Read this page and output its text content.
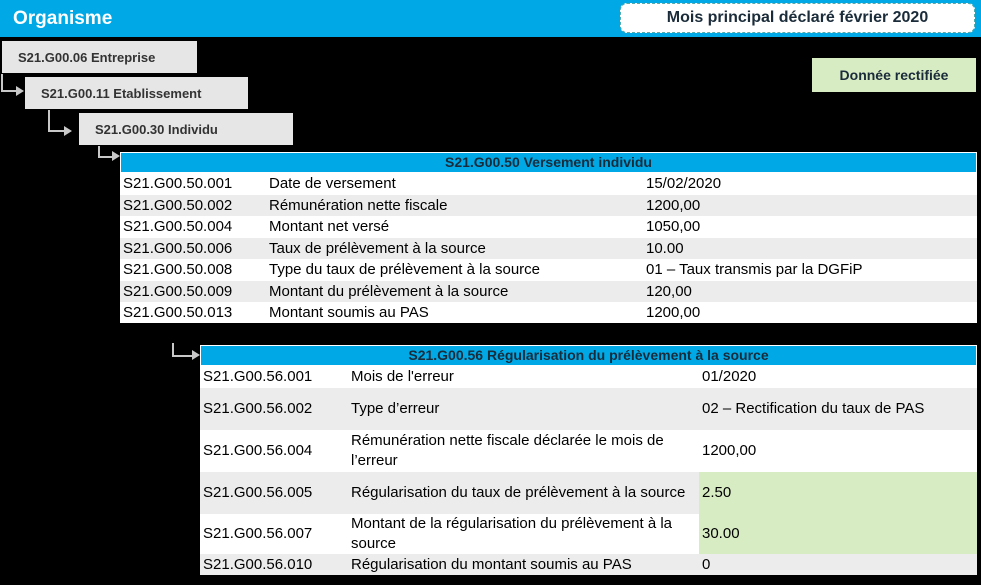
Organisme	Mois principal déclaré février 2020
S21.G00.06
Entreprise
S21.G00.11
Etablissement
S21.G00.30
Individu
Donnée rectifiée
S21.G00.50 Versement individu
S21.G00.50.001	Date de versement	15/02/2020
S21.G00.50.002	Rémunération nette fiscale	1200,00
S21.G00.50.004	Montant net versé	1050,00
S21.G00.50.006	Taux de prélèvement à la source	10.00
S21.G00.50.008	Type du taux de prélèvement à la source	01 – Taux transmis par la DGFiP
S21.G00.50.009	Montant du prélèvement à la source	120,00
S21.G00.50.013	Montant soumis au PAS	1200,00
S21.G00.56 Régularisation du prélèvement à la source
S21.G00.56.001	Mois de l'erreur	01/2020
S21.G00.56.002	Type d’erreur	02 – Rectification du taux de PAS
S21.G00.56.004	Rémunération nette fiscale déclarée le mois de l’erreur	1200,00
S21.G00.56.005	Régularisation du taux de prélèvement à la source	2.50
S21.G00.56.007	Montant de la régularisation du prélèvement à la source	30.00
S21.G00.56.010	Régularisation du montant soumis au PAS	0
